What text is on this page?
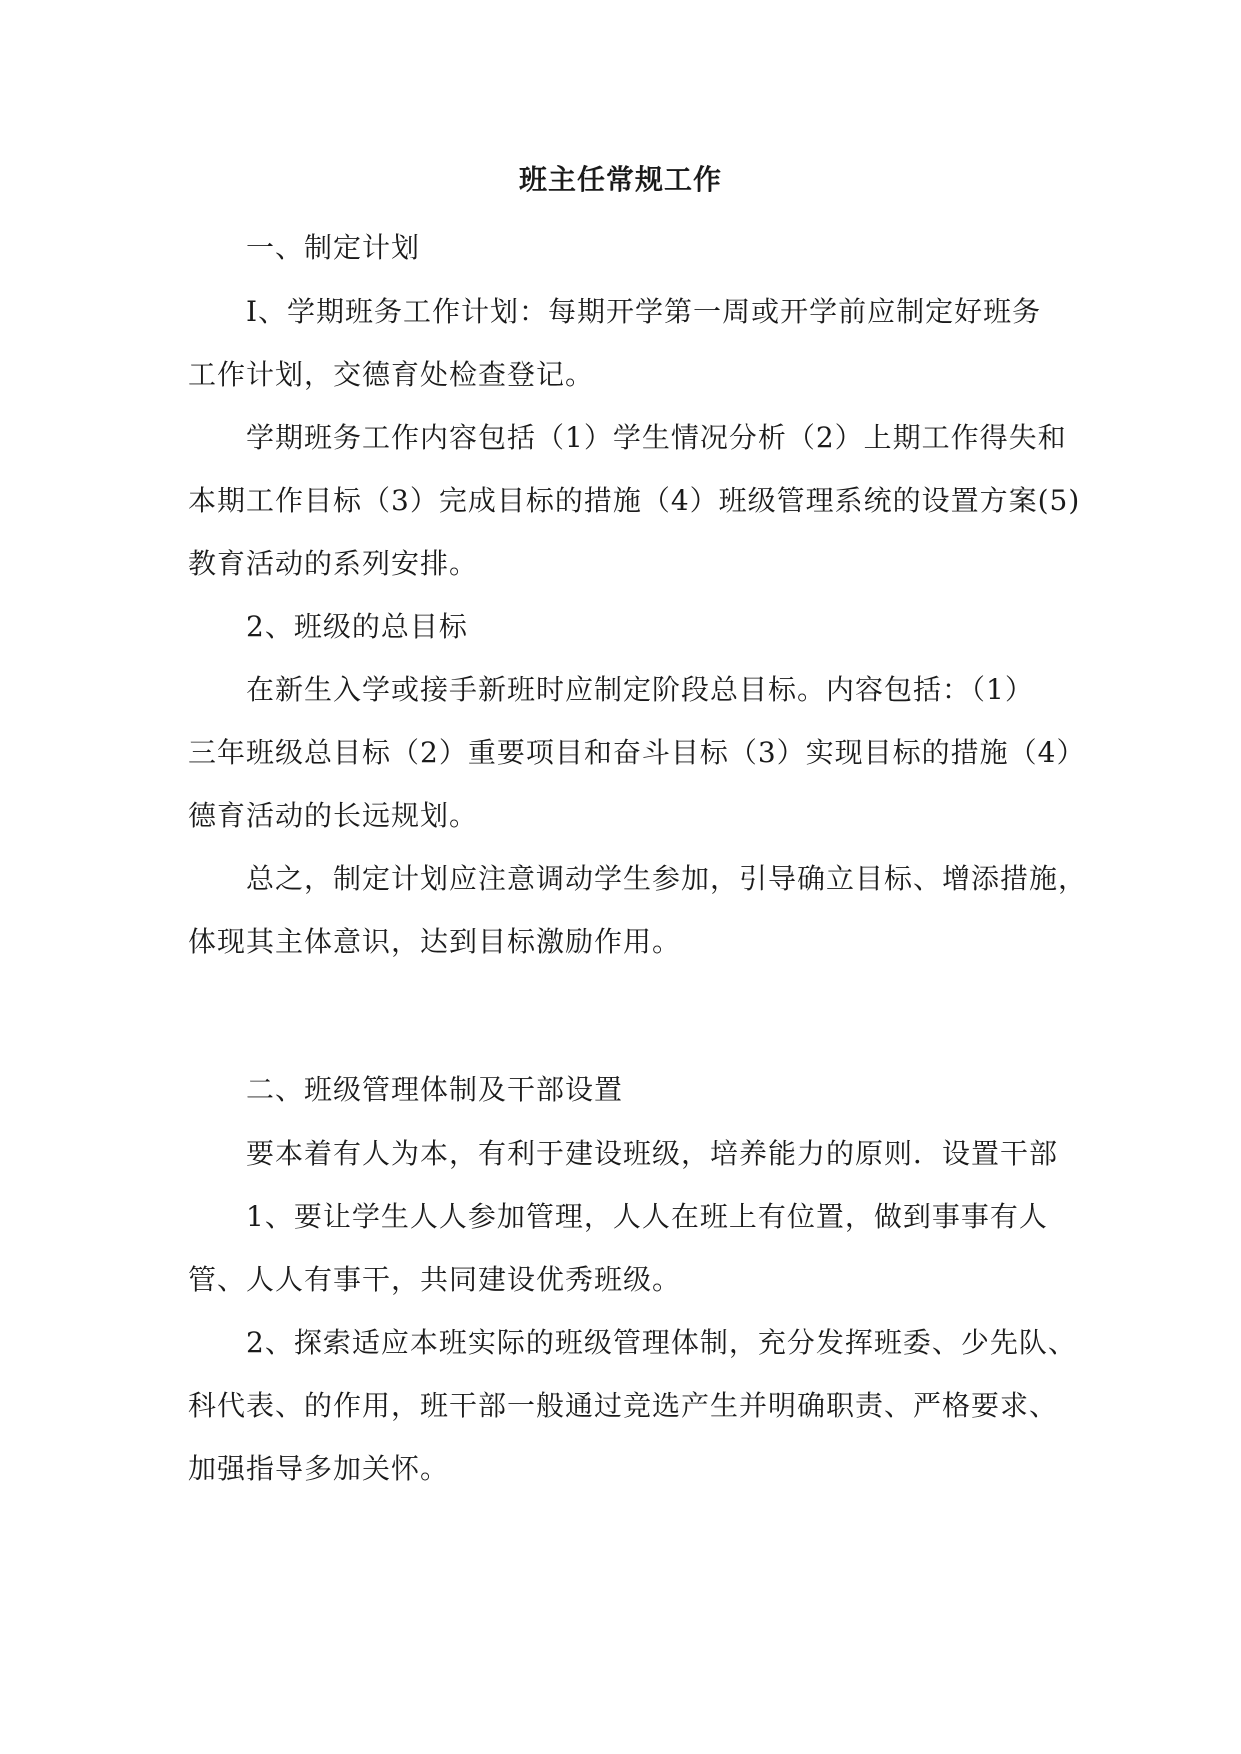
班主任常规工作
一、制定计划
I、学期班务工作计划：每期开学第一周或开学前应制定好班务
工作计划，交德育处检查登记。
学期班务工作内容包括（1）学生情况分析（2）上期工作得失和
本期工作目标（3）完成目标的措施（4）班级管理系统的设置方案(5)
教育活动的系列安排。
2、班级的总目标
在新生入学或接手新班时应制定阶段总目标。内容包括：（1）
三年班级总目标（2）重要项目和奋斗目标（3）实现目标的措施（4）
德育活动的长远规划。
总之，制定计划应注意调动学生参加，引导确立目标、增添措施，
体现其主体意识，达到目标激励作用。
二、班级管理体制及干部设置
要本着有人为本，有利于建设班级，培养能力的原则．设置干部
1、要让学生人人参加管理，人人在班上有位置，做到事事有人
管、人人有事干，共同建设优秀班级。
2、探索适应本班实际的班级管理体制，充分发挥班委、少先队、
科代表、的作用，班干部一般通过竞选产生并明确职责、严格要求、
加强指导多加关怀。
